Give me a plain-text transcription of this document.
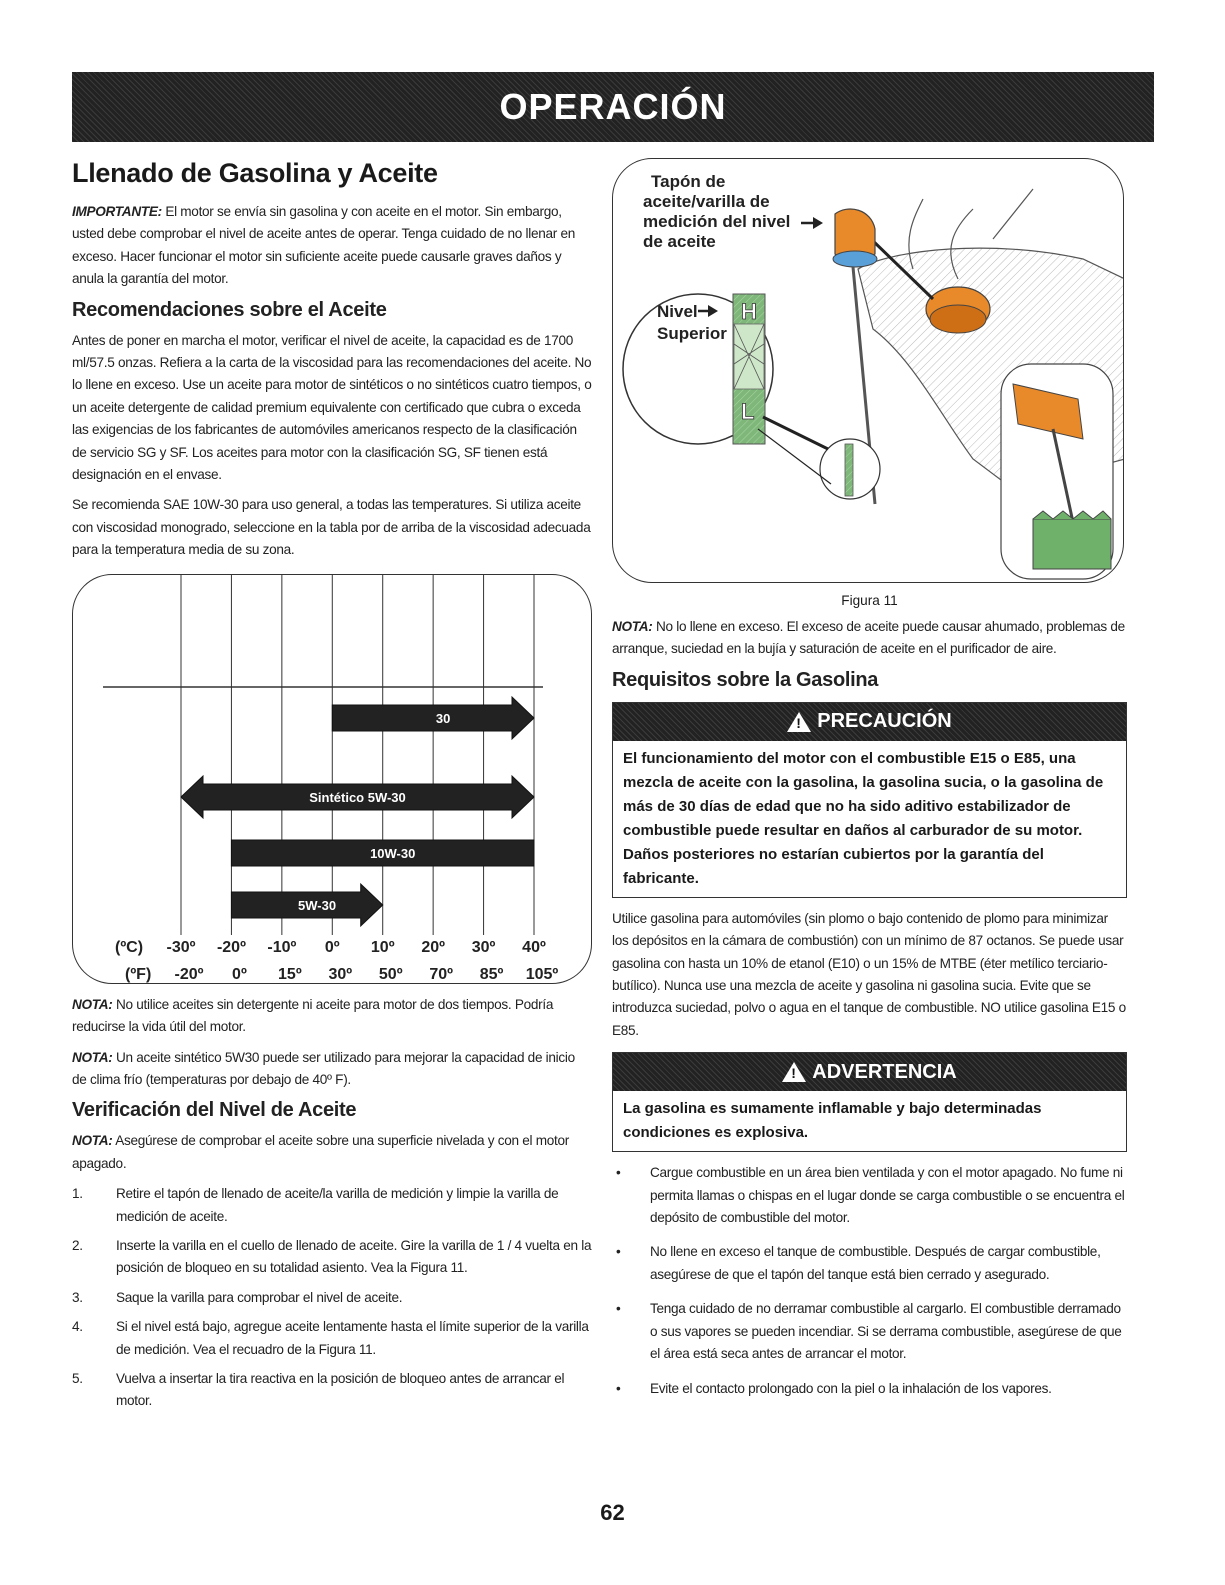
OPERACIÓN
Llenado de Gasolina y Aceite

IMPORTANTE: El motor se envía sin gasolina y con aceite en el motor. Sin embargo, usted debe comprobar el nivel de aceite antes de operar. Tenga cuidado de no llenar en exceso. Hacer funcionar el motor sin suficiente aceite puede causarle graves daños y anula la garantía del motor.

Recomendaciones sobre el Aceite

Antes de poner en marcha el motor, verificar el nivel de aceite, la capacidad es de 1700 ml/57.5 onzas. Refiera a la carta de la viscosidad para las recomendaciones del aceite. No lo llene en exceso. Use un aceite para motor de sintéticos o no sintéticos cuatro tiempos, o un aceite detergente de calidad premium equivalente con certificado que cubra o exceda las exigencias de los fabricantes de automóviles americanos respecto de la clasificación de servicio SG y SF. Los aceites para motor con la clasificación SG, SF tienen está designación en el envase.

Se recomienda SAE 10W-30 para uso general, a todas las temperatures. Si utiliza aceite con viscosidad monogrado, seleccione en la tabla por de arriba de la viscosidad adecuada para la temperatura media de su zona.

30
Sintético 5W-30
10W-30
5W-30
(ºC)
(ºF)
-30º -20º -10º 0º 10º 20º 30º 40º
-20º 0º 15º 30º 50º 70º 85º 105º

NOTA: No utilice aceites sin detergente ni aceite para motor de dos tiempos. Podría reducirse la vida útil del motor.

NOTA: Un aceite sintético 5W30 puede ser utilizado para mejorar la capacidad de inicio de clima frío (temperaturas por debajo de 40º F).

Verificación del Nivel de Aceite

NOTA: Asegúrese de comprobar el aceite sobre una superficie nivelada y con el motor apagado.

1.	Retire el tapón de llenado de aceite/la varilla de medición y limpie la varilla de medición de aceite.
2.	Inserte la varilla en el cuello de llenado de aceite. Gire la varilla de 1 / 4 vuelta en la posición de bloqueo en su totalidad asiento. Vea la Figura 11.
3.	Saque la varilla para comprobar el nivel de aceite.
4.	Si el nivel está bajo, agregue aceite lentamente hasta el límite superior de la varilla de medición. Vea el recuadro de la Figura 11.
5.	Vuelva a insertar la tira reactiva en la posición de bloqueo antes de arrancar el motor.
H
L
Tapón de aceite/varilla de medición del nivel de aceite
Nivel Superior
Figura 11

NOTA: No lo llene en exceso. El exceso de aceite puede causar ahumado, problemas de arranque, suciedad en la bujía y saturación de aceite en el purificador de aire.

Requisitos sobre la Gasolina
!
PRECAUCIÓN
El funcionamiento del motor con el combustible E15 o E85, una mezcla de aceite con la gasolina, la gasolina sucia, o la gasolina de más de 30 días de edad que no ha sido aditivo estabilizador de combustible puede resultar en daños al carburador de su motor. Daños posteriores no estarían cubiertos por la garantía del fabricante.

Utilice gasolina para automóviles (sin plomo o bajo contenido de plomo para minimizar los depósitos en la cámara de combustión) con un mínimo de 87 octanos. Se puede usar gasolina con hasta un 10% de etanol (E10) o un 15% de MTBE (éter metílico terciario-butílico). Nunca use una mezcla de aceite y gasolina ni gasolina sucia. Evite que se introduzca suciedad, polvo o agua en el tanque de combustible. NO utilice gasolina E15 o E85.

!
ADVERTENCIA
La gasolina es sumamente inflamable y bajo determinadas condiciones es explosiva.
•	Cargue combustible en un área bien ventilada y con el motor apagado. No fume ni permita llamas o chispas en el lugar donde se carga combustible o se encuentra el depósito de combustible del motor.
•	No llene en exceso el tanque de combustible. Después de cargar combustible, asegúrese de que el tapón del tanque está bien cerrado y asegurado.
•	Tenga cuidado de no derramar combustible al cargarlo. El combustible derramado o sus vapores se pueden incendiar. Si se derrama combustible, asegúrese de que el área está seca antes de arrancar el motor.
•	Evite el contacto prolongado con la piel o la inhalación de los vapores.
62
